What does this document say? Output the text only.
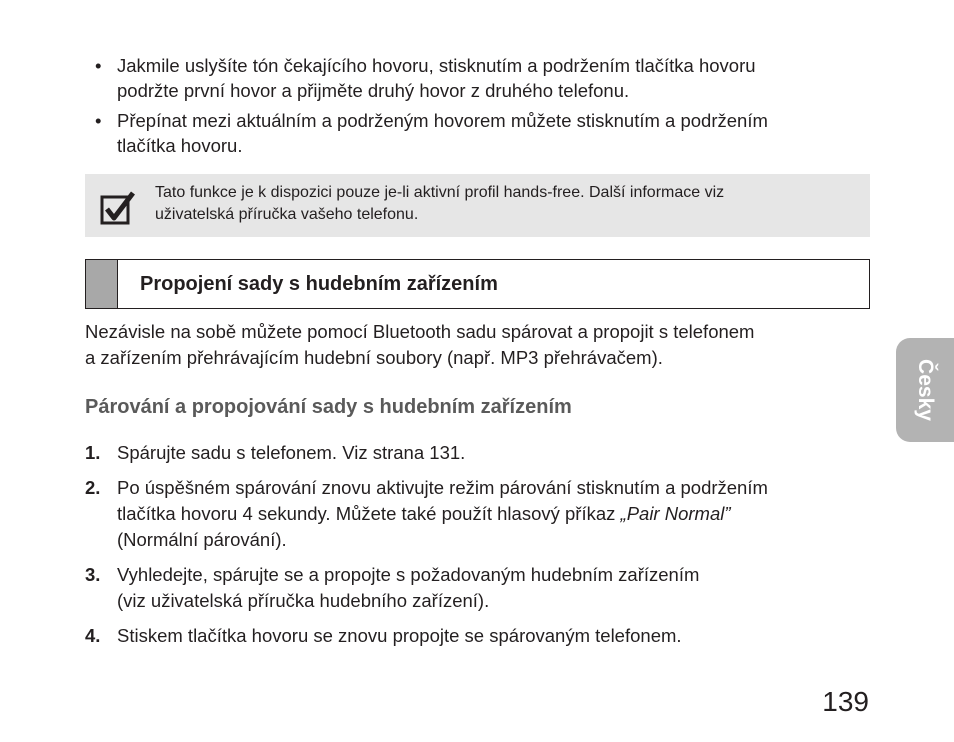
• Jakmile uslyšíte tón čekajícího hovoru, stisknutím a podržením tlačítka hovoru
podržte první hovor a přijměte druhý hovor z druhého telefonu.
• Přepínat mezi aktuálním a podrženým hovorem můžete stisknutím a podržením
tlačítka hovoru.
Tato funkce je k dispozici pouze je-li aktivní profil hands-free. Další informace viz
uživatelská příručka vašeho telefonu.
Propojení sady s hudebním zařízením

Nezávisle na sobě můžete pomocí Bluetooth sadu spárovat a propojit s telefonem
a zařízením přehrávajícím hudební soubory (např. MP3 přehrávačem).

Párování a propojování sady s hudebním zařízením
1. Spárujte sadu s telefonem. Viz strana 131.
2. Po úspěšném spárování znovu aktivujte režim párování stisknutím a podržením
tlačítka hovoru 4 sekundy. Můžete také použít hlasový příkaz „Pair Normal”
(Normální párování).
3. Vyhledejte, spárujte se a propojte s požadovaným hudebním zařízením
(viz uživatelská příručka hudebního zařízení).
4. Stiskem tlačítka hovoru se znovu propojte se spárovaným telefonem.
Česky
139
